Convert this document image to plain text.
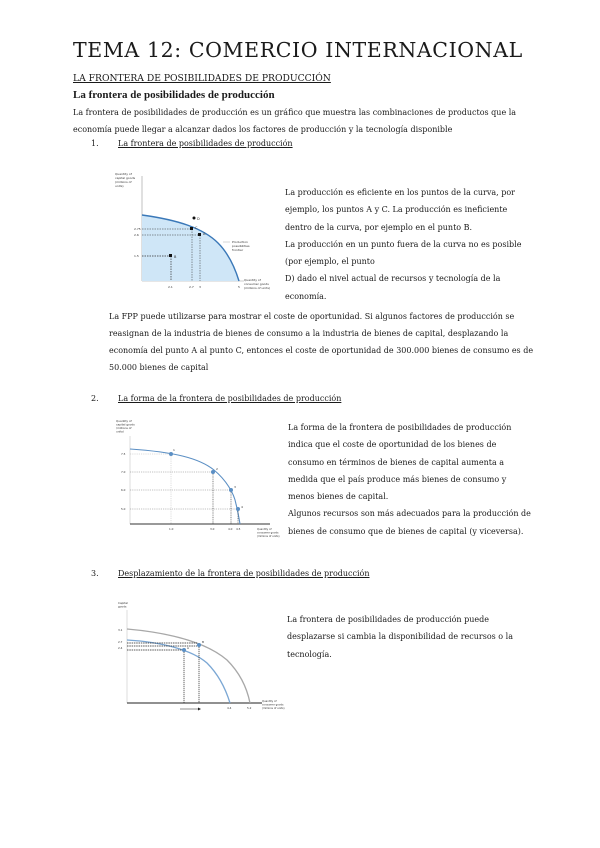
TEMA 12: COMERCIO INTERNACIONAL
LA FRONTERA DE POSIBILIDADES DE PRODUCCIÓN
La frontera de posibilidades de producción
La frontera de posibilidades de producción es un gráfico que muestra las combinaciones de productos que la
economía puede llegar a alcanzar dados los factores de producción y la tecnología disponible
1. La frontera de posibilidades de producción
Quantity of
capital goods
(millions of
units)
C
A
B
D
2.75
2.6
1.5
2.1	2.7 3	5
Production
possibilities
frontier
Quantity of
consumer goods
(millions of units)
La producción es eficiente en los puntos de la curva, por
ejemplo, los puntos A y C. La producción es ineficiente
dentro de la curva, por ejemplo en el punto B.
La producción en un punto fuera de la curva no es posible
(por ejemplo, el punto
D) dado el nivel actual de recursos y tecnología de la
economía.
La FPP puede utilizarse para mostrar el coste de oportunidad. Si algunos factores de producción se
reasignan de la industria de bienes de consumo a la industria de bienes de capital, desplazando la
economía del punto A al punto C, entonces el coste de oportunidad de 300.000 bienes de consumo es de
50.000 bienes de capital
2. La forma de la frontera de posibilidades de producción
Quantity of
capital goods
(millions of
units)
1
2
3
4
7.5
7.0
6.0
5.0
1.0	3.0	4.0 4.5	Quantity of
consumer goods
(millions of units)
La forma de la frontera de posibilidades de producción
indica que el coste de oportunidad de los bienes de
consumo en términos de bienes de capital aumenta a
medida que el país produce más bienes de consumo y
menos bienes de capital.
Algunos recursos son más adecuados para la producción de
bienes de consumo que de bienes de capital (y viceversa).
3. Desplazamiento de la frontera de posibilidades de producción
Capital
goods
A
B
3.1
2.7
2.4
4.4	5.2
Quantity of
consumer goods
(millions of units)
La frontera de posibilidades de producción puede
desplazarse si cambia la disponibilidad de recursos o la
tecnología.
